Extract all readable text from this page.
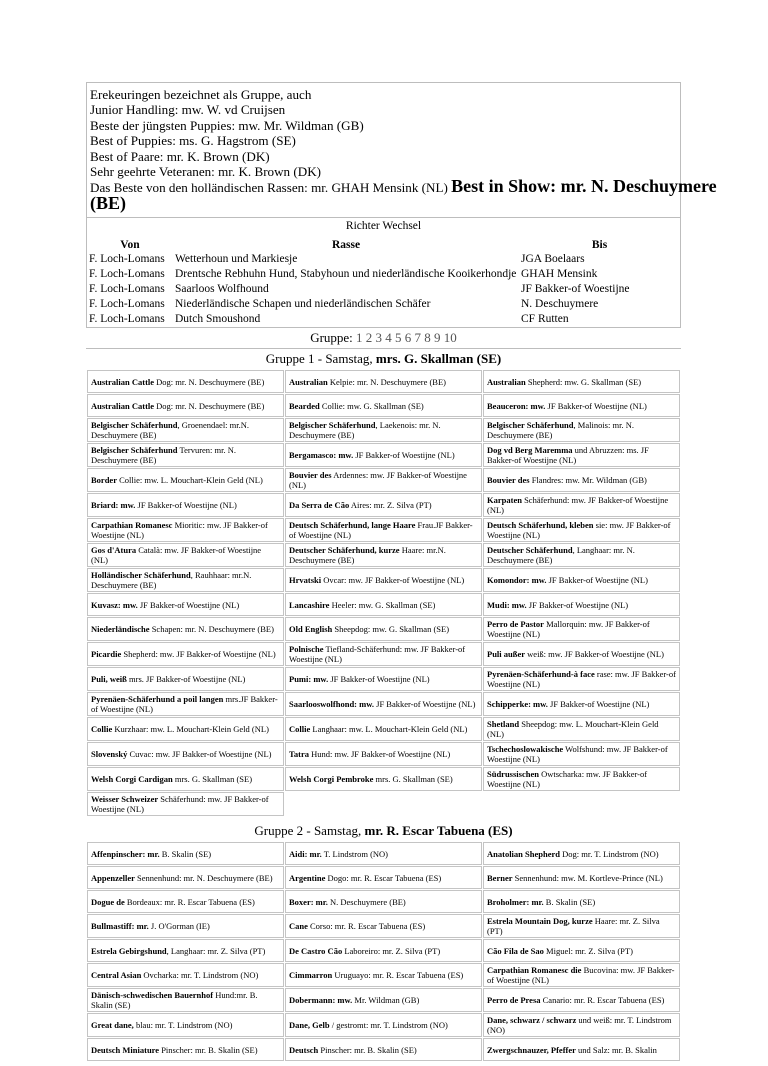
Erekeuringen bezeichnet als Gruppe, auch
Junior Handling: mw. W. vd Cruijsen
Beste der jüngsten Puppies: mw. Mr. Wildman (GB)
Best of Puppies: ms. G. Hagstrom (SE)
Best of Paare: mr. K. Brown (DK)
Sehr geehrte Veteranen: mr. K. Brown (DK)
Das Beste von den holländischen Rassen: mr. GHAH Mensink (NL) Best in Show: mr. N. Deschuymere
(BE)
Richter Wechsel
Von	Rasse	Bis
F. Loch-Lomans	Wetterhoun und Markiesje	JGA Boelaars
F. Loch-Lomans	Drentsche Rebhuhn Hund, Stabyhoun und niederländische Kooikerhondje	GHAH Mensink
F. Loch-Lomans	Saarloos Wolfhound	JF Bakker-of Woestijne
F. Loch-Lomans	Niederländische Schapen und niederländischen Schäfer	N. Deschuymere
F. Loch-Lomans	Dutch Smoushond	CF Rutten
Gruppe: 1 2 3 4 5 6 7 8 9 10
Gruppe 1 - Samstag, mrs. G. Skallman (SE)
Australian Cattle Dog: mr. N. Deschuymere (BE)	Australian Kelpie: mr. N. Deschuymere (BE)	Australian Shepherd: mw. G. Skallman (SE)
Australian Cattle Dog: mr. N. Deschuymere (BE)	Bearded Collie: mw. G. Skallman (SE)	Beauceron: mw. JF Bakker-of Woestijne (NL)
Belgischer Schäferhund, Groenendael: mr.N. Deschuymere (BE)	Belgischer Schäferhund, Laekenois: mr. N. Deschuymere (BE)	Belgischer Schäferhund, Malinois: mr. N. Deschuymere (BE)
Belgischer Schäferhund Tervuren: mr. N. Deschuymere (BE)	Bergamasco: mw. JF Bakker-of Woestijne (NL)	Dog vd Berg Maremma und Abruzzen: ms. JF Bakker-of Woestijne (NL)
Border Collie: mw. L. Mouchart-Klein Geld (NL)	Bouvier des Ardennes: mw. JF Bakker-of Woestijne (NL)	Bouvier des Flandres: mw. Mr. Wildman (GB)
Briard: mw. JF Bakker-of Woestijne (NL)	Da Serra de Cão Aires: mr. Z. Silva (PT)	Karpaten Schäferhund: mw. JF Bakker-of Woestijne (NL)
Carpathian Romanesc Mioritic: mw. JF Bakker-of Woestijne (NL)	Deutsch Schäferhund, lange Haare Frau.JF Bakker-of Woestijne (NL)	Deutsch Schäferhund, kleben sie: mw. JF Bakker-of Woestijne (NL)
Gos d'Atura Català: mw. JF Bakker-of Woestijne (NL)	Deutscher Schäferhund, kurze Haare: mr.N. Deschuymere (BE)	Deutscher Schäferhund, Langhaar: mr. N. Deschuymere (BE)
Holländischer Schäferhund, Rauhhaar: mr.N. Deschuymere (BE)	Hrvatski Ovcar: mw. JF Bakker-of Woestijne (NL)	Komondor: mw. JF Bakker-of Woestijne (NL)
Kuvasz: mw. JF Bakker-of Woestijne (NL)	Lancashire Heeler: mw. G. Skallman (SE)	Mudi: mw. JF Bakker-of Woestijne (NL)
Niederländische Schapen: mr. N. Deschuymere (BE)	Old English Sheepdog: mw. G. Skallman (SE)	Perro de Pastor Mallorquin: mw. JF Bakker-of Woestijne (NL)
Picardie Shepherd: mw. JF Bakker-of Woestijne (NL)	Polnische Tiefland-Schäferhund: mw. JF Bakker-of Woestijne (NL)	Puli außer weiß: mw. JF Bakker-of Woestijne (NL)
Puli, weiß mrs. JF Bakker-of Woestijne (NL)	Pumi: mw. JF Bakker-of Woestijne (NL)	Pyrenäen-Schäferhund-à face rase: mw. JF Bakker-of Woestijne (NL)
Pyrenäen-Schäferhund a poil langen mrs.JF Bakker-of Woestijne (NL)	Saarlooswolfhond: mw. JF Bakker-of Woestijne (NL)	Schipperke: mw. JF Bakker-of Woestijne (NL)
Collie Kurzhaar: mw. L. Mouchart-Klein Geld (NL)	Collie Langhaar: mw. L. Mouchart-Klein Geld (NL)	Shetland Sheepdog: mw. L. Mouchart-Klein Geld (NL)
Slovenský Cuvac: mw. JF Bakker-of Woestijne (NL)	Tatra Hund: mw. JF Bakker-of Woestijne (NL)	Tschechoslowakische Wolfshund: mw. JF Bakker-of Woestijne (NL)
Welsh Corgi Cardigan mrs. G. Skallman (SE)	Welsh Corgi Pembroke mrs. G. Skallman (SE)	Südrussischen Owtscharka: mw. JF Bakker-of Woestijne (NL)
Weisser Schweizer Schäferhund: mw. JF Bakker-of Woestijne (NL)		
Gruppe 2 - Samstag, mr. R. Escar Tabuena (ES)
Affenpinscher: mr. B. Skalin (SE)	Aidi: mr. T. Lindstrom (NO)	Anatolian Shepherd Dog: mr. T. Lindstrom (NO)
Appenzeller Sennenhund: mr. N. Deschuymere (BE)	Argentine Dogo: mr. R. Escar Tabuena (ES)	Berner Sennenhund: mw. M. Kortleve-Prince (NL)
Dogue de Bordeaux: mr. R. Escar Tabuena (ES)	Boxer: mr. N. Deschuymere (BE)	Broholmer: mr. B. Skalin (SE)
Bullmastiff: mr. J. O'Gorman (IE)	Cane Corso: mr. R. Escar Tabuena (ES)	Estrela Mountain Dog, kurze Haare: mr. Z. Silva (PT)
Estrela Gebirgshund, Langhaar: mr. Z. Silva (PT)	De Castro Cão Laboreiro: mr. Z. Silva (PT)	Cão Fila de Sao Miguel: mr. Z. Silva (PT)
Central Asian Ovcharka: mr. T. Lindstrom (NO)	Cimmarron Uruguayo: mr. R. Escar Tabuena (ES)	Carpathian Romanesc die Bucovina: mw. JF Bakker-of Woestijne (NL)
Dänisch-schwedischen Bauernhof Hund:mr. B. Skalin (SE)	Dobermann: mw. Mr. Wildman (GB)	Perro de Presa Canario: mr. R. Escar Tabuena (ES)
Great dane, blau: mr. T. Lindstrom (NO)	Dane, Gelb / gestromt: mr. T. Lindstrom (NO)	Dane, schwarz / schwarz und weiß: mr. T. Lindstrom (NO)
Deutsch Miniature Pinscher: mr. B. Skalin (SE)	Deutsch Pinscher: mr. B. Skalin (SE)	Zwergschnauzer, Pfeffer und Salz: mr. B. Skalin
